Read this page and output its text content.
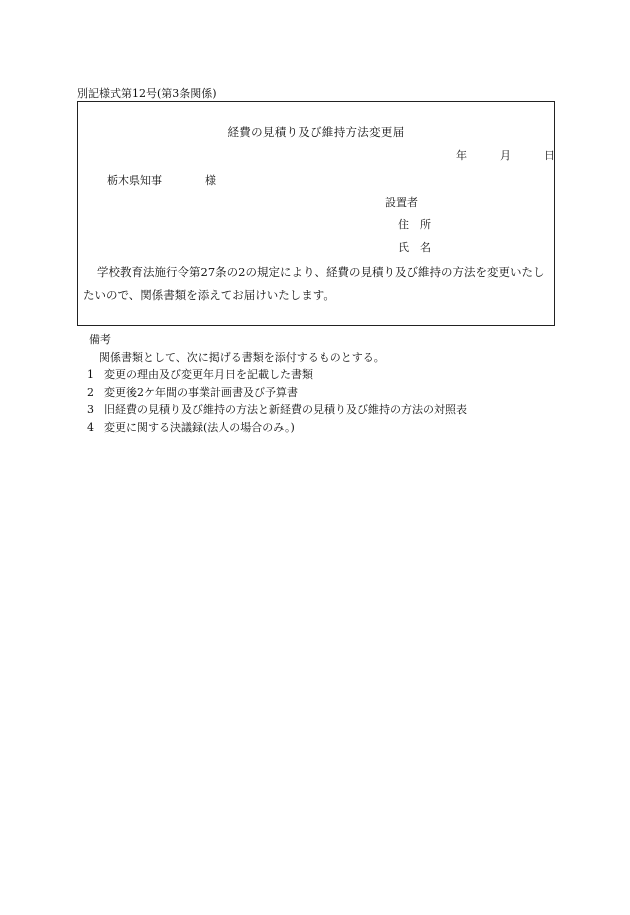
別記様式第12号(第3条関係)
経費の見積り及び維持方法変更届
年	月	日
栃木県知事	様
設置者
住　所
氏　名
学校教育法施行令第27条の2の規定により、経費の見積り及び維持の方法を変更いたしたいので、関係書類を添えてお届けいたします。
備考
関係書類として、次に掲げる書類を添付するものとする。
1 変更の理由及び変更年月日を記載した書類
2 変更後2ケ年間の事業計画書及び予算書
3 旧経費の見積り及び維持の方法と新経費の見積り及び維持の方法の対照表
4 変更に関する決議録(法人の場合のみ。)
